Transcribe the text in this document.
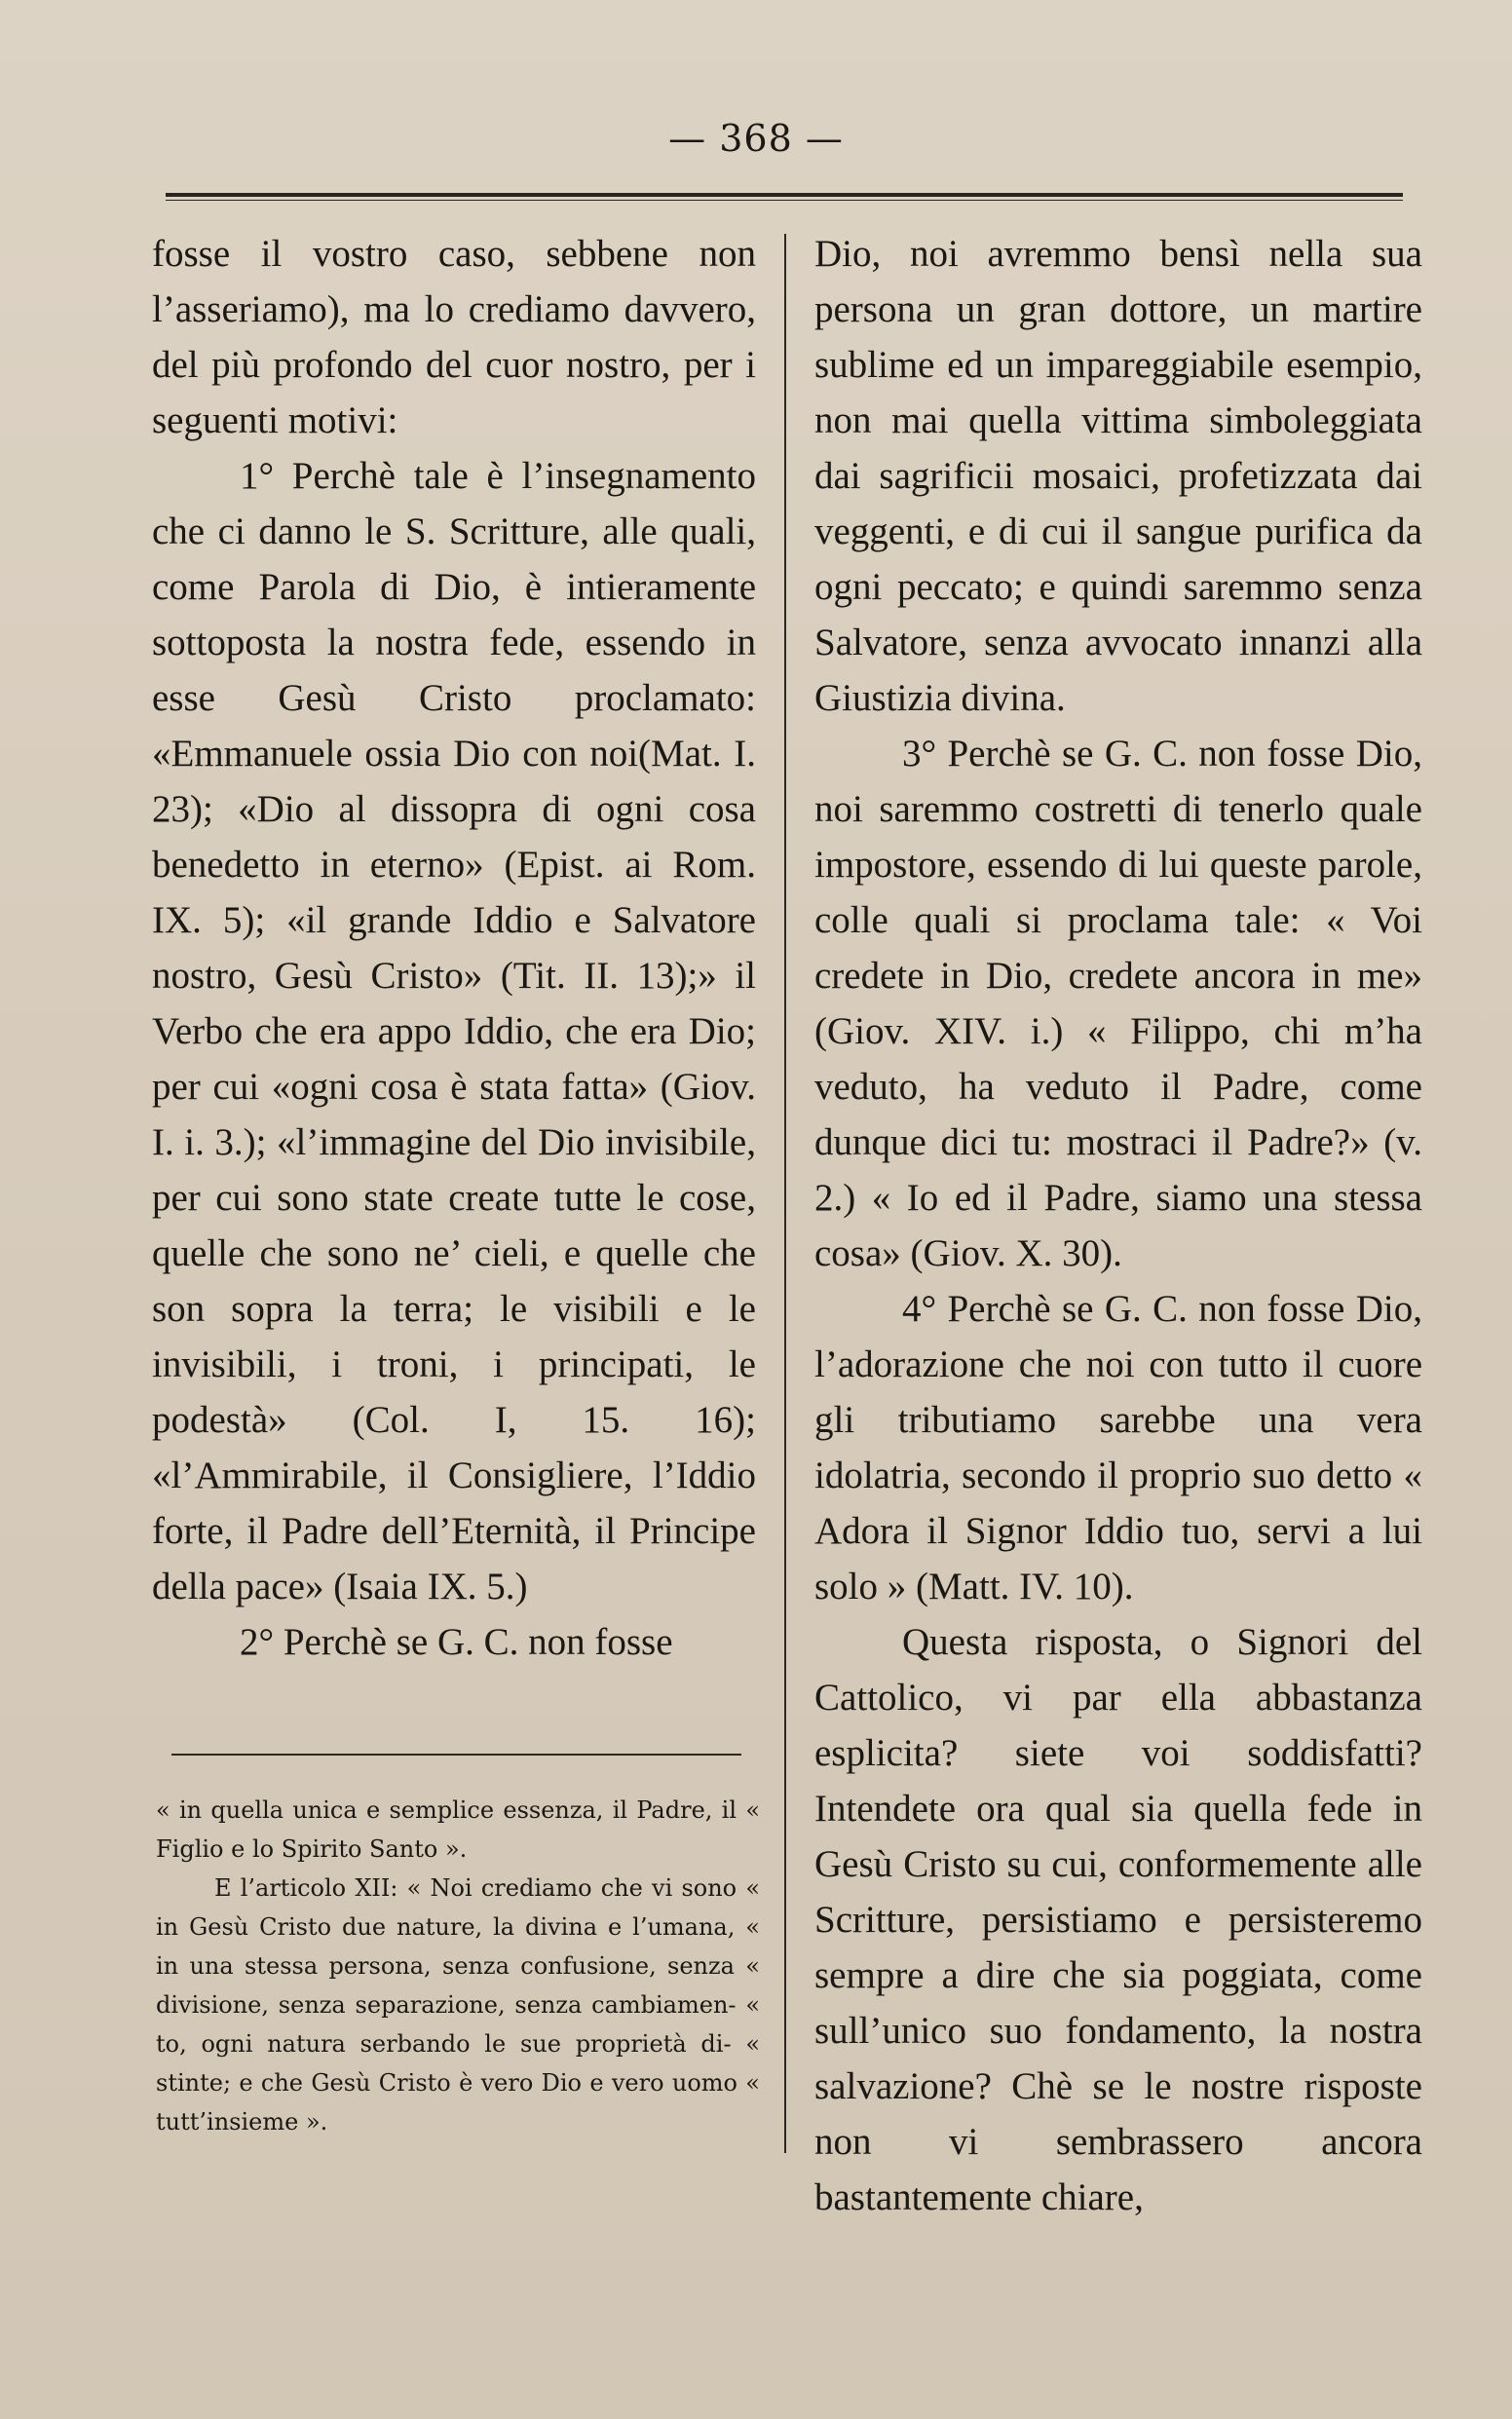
— 368 —

fosse il vostro caso, sebbene non l’asseriamo), ma lo crediamo davvero, del più profondo del cuor nostro, per i seguenti motivi:

1° Perchè tale è l’insegnamento che ci danno le S. Scritture, alle quali, come Parola di Dio, è intieramente sottoposta la nostra fede, essendo in esse Gesù Cristo proclamato: «Emmanuele ossia Dio con noi(Mat. I. 23); «Dio al dissopra di ogni cosa benedetto in eterno» (Epist. ai Rom. IX. 5); «il grande Iddio e Salvatore nostro, Gesù Cristo» (Tit. II. 13);» il Verbo che era appo Iddio, che era Dio; per cui «ogni cosa è stata fatta» (Giov. I. i. 3.); «l’immagine del Dio invisibile, per cui sono state create tutte le cose, quelle che sono ne’ cieli, e quelle che son sopra la terra; le visibili e le invisibili, i troni, i principati, le podestà» (Col. I, 15. 16); «l’Ammirabile, il Consigliere, l’Iddio forte, il Padre dell’Eternità, il Principe della pace» (Isaia IX. 5.)

2° Perchè se G. C. non fosse

« in quella unica e semplice essenza, il Padre, il « Figlio e lo Spirito Santo ».

E l’articolo XII: « Noi crediamo che vi sono « in Gesù Cristo due nature, la divina e l’umana, « in una stessa persona, senza confusione, senza « divisione, senza separazione, senza cambiamen- « to, ogni natura serbando le sue proprietà di- « stinte; e che Gesù Cristo è vero Dio e vero uomo « tutt’insieme ».

Dio, noi avremmo bensì nella sua persona un gran dottore, un martire sublime ed un impareggiabile esempio, non mai quella vittima simboleggiata dai sagrificii mosaici, profetizzata dai veggenti, e di cui il sangue purifica da ogni peccato; e quindi saremmo senza Salvatore, senza avvocato innanzi alla Giustizia divina.

3° Perchè se G. C. non fosse Dio, noi saremmo costretti di tenerlo quale impostore, essendo di lui queste parole, colle quali si proclama tale: « Voi credete in Dio, credete ancora in me» (Giov. XIV. i.) « Filippo, chi m’ha veduto, ha veduto il Padre, come dunque dici tu: mostraci il Padre?» (v. 2.) « Io ed il Padre, siamo una stessa cosa» (Giov. X. 30).

4° Perchè se G. C. non fosse Dio, l’adorazione che noi con tutto il cuore gli tributiamo sarebbe una vera idolatria, secondo il proprio suo detto « Adora il Signor Iddio tuo, servi a lui solo » (Matt. IV. 10).

Questa risposta, o Signori del Cattolico, vi par ella abbastanza esplicita? siete voi soddisfatti? Intendete ora qual sia quella fede in Gesù Cristo su cui, conformemente alle Scritture, persistiamo e persisteremo sempre a dire che sia poggiata, come sull’unico suo fondamento, la nostra salvazione? Chè se le nostre risposte non vi sembrassero ancora bastantemente chiare,
